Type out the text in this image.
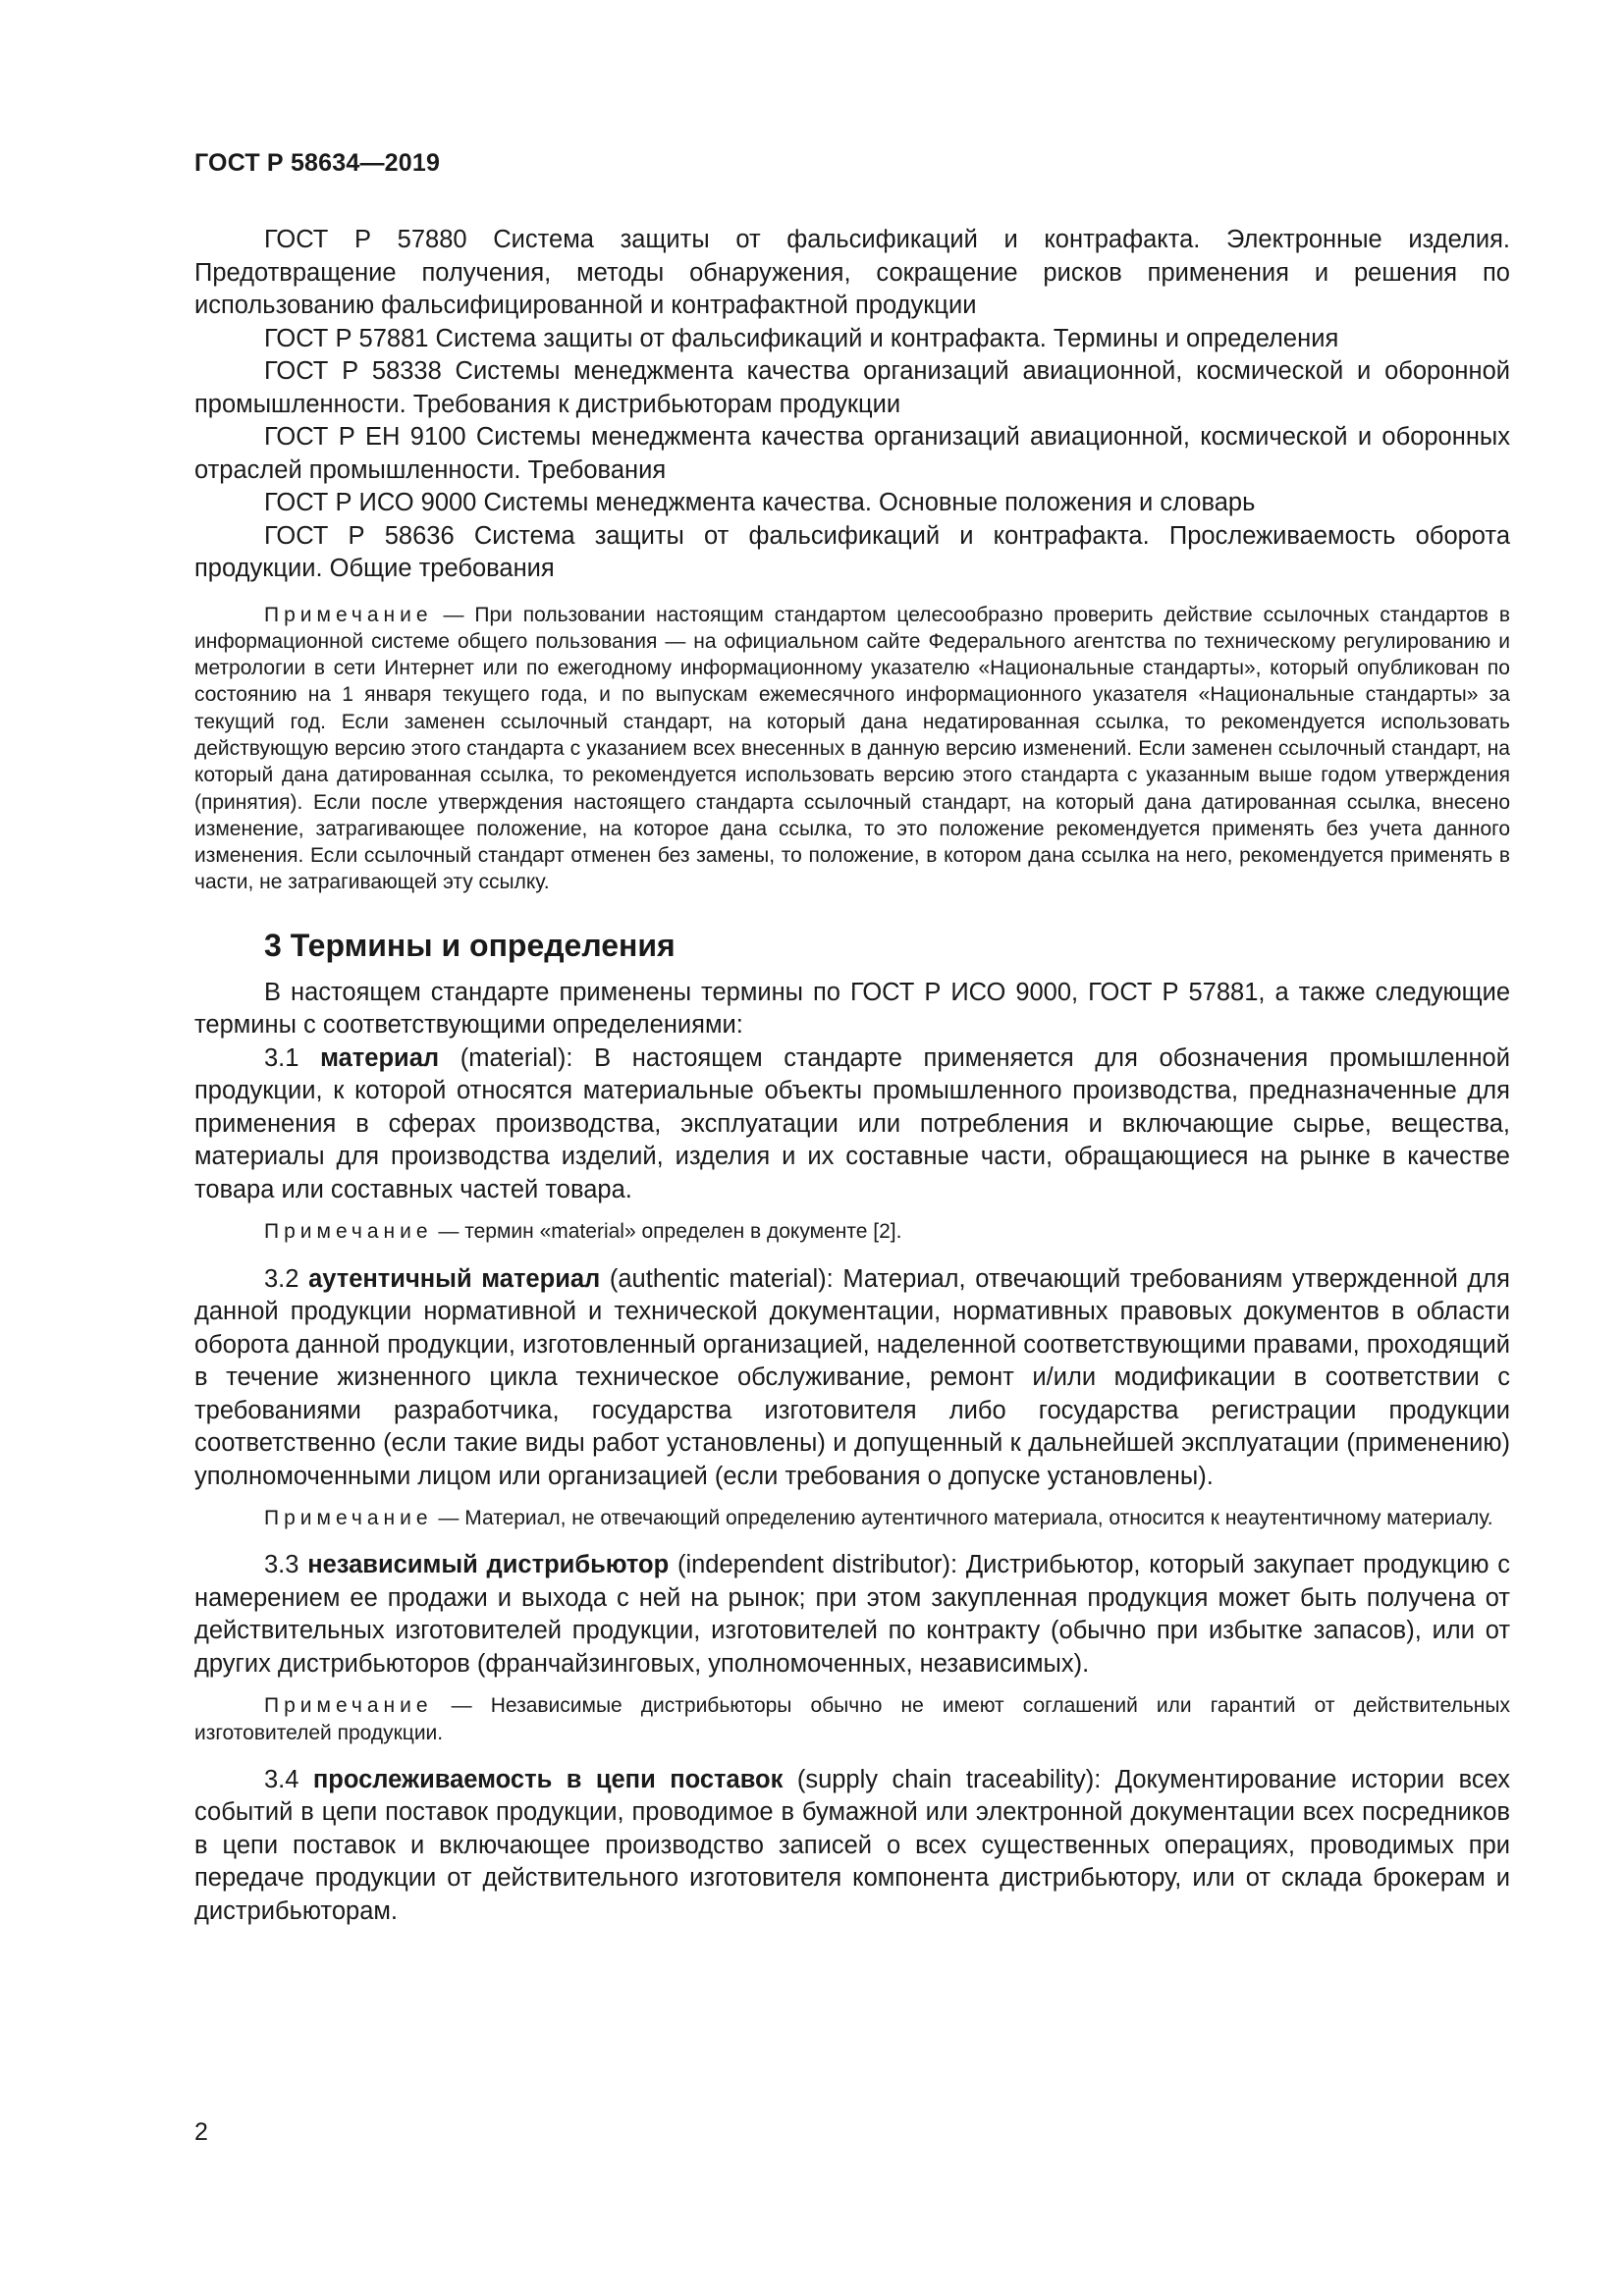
ГОСТ Р 58634—2019

ГОСТ Р 57880 Система защиты от фальсификаций и контрафакта. Электронные изделия. Предотвращение получения, методы обнаружения, сокращение рисков применения и решения по использованию фальсифицированной и контрафактной продукции

ГОСТ Р 57881 Система защиты от фальсификаций и контрафакта. Термины и определения

ГОСТ Р 58338 Системы менеджмента качества организаций авиационной, космической и оборонной промышленности. Требования к дистрибьюторам продукции

ГОСТ Р ЕН 9100 Системы менеджмента качества организаций авиационной, космической и оборонных отраслей промышленности. Требования

ГОСТ Р ИСО 9000 Системы менеджмента качества. Основные положения и словарь

ГОСТ Р 58636 Система защиты от фальсификаций и контрафакта. Прослеживаемость оборота продукции. Общие требования

Примечание — При пользовании настоящим стандартом целесообразно проверить действие ссылочных стандартов в информационной системе общего пользования — на официальном сайте Федерального агентства по техническому регулированию и метрологии в сети Интернет или по ежегодному информационному указателю «Национальные стандарты», который опубликован по состоянию на 1 января текущего года, и по выпускам ежемесячного информационного указателя «Национальные стандарты» за текущий год. Если заменен ссылочный стандарт, на который дана недатированная ссылка, то рекомендуется использовать действующую версию этого стандарта с указанием всех внесенных в данную версию изменений. Если заменен ссылочный стандарт, на который дана датированная ссылка, то рекомендуется использовать версию этого стандарта с указанным выше годом утверждения (принятия). Если после утверждения настоящего стандарта ссылочный стандарт, на который дана датированная ссылка, внесено изменение, затрагивающее положение, на которое дана ссылка, то это положение рекомендуется применять без учета данного изменения. Если ссылочный стандарт отменен без замены, то положение, в котором дана ссылка на него, рекомендуется применять в части, не затрагивающей эту ссылку.

3 Термины и определения

В настоящем стандарте применены термины по ГОСТ Р ИСО 9000, ГОСТ Р 57881, а также следующие термины с соответствующими определениями:

3.1 материал (material): В настоящем стандарте применяется для обозначения промышленной продукции, к которой относятся материальные объекты промышленного производства, предназначенные для применения в сферах производства, эксплуатации или потребления и включающие сырье, вещества, материалы для производства изделий, изделия и их составные части, обращающиеся на рынке в качестве товара или составных частей товара.

Примечание — термин «material» определен в документе [2].

3.2 аутентичный материал (authentic material): Материал, отвечающий требованиям утвержденной для данной продукции нормативной и технической документации, нормативных правовых документов в области оборота данной продукции, изготовленный организацией, наделенной соответствующими правами, проходящий в течение жизненного цикла техническое обслуживание, ремонт и/или модификации в соответствии с требованиями разработчика, государства изготовителя либо государства регистрации продукции соответственно (если такие виды работ установлены) и допущенный к дальнейшей эксплуатации (применению) уполномоченными лицом или организацией (если требования о допуске установлены).

Примечание — Материал, не отвечающий определению аутентичного материала, относится к неаутентичному материалу.

3.3 независимый дистрибьютор (independent distributor): Дистрибьютор, который закупает продукцию с намерением ее продажи и выхода с ней на рынок; при этом закупленная продукция может быть получена от действительных изготовителей продукции, изготовителей по контракту (обычно при избытке запасов), или от других дистрибьюторов (франчайзинговых, уполномоченных, независимых).

Примечание — Независимые дистрибьюторы обычно не имеют соглашений или гарантий от действительных изготовителей продукции.

3.4 прослеживаемость в цепи поставок (supply chain traceability): Документирование истории всех событий в цепи поставок продукции, проводимое в бумажной или электронной документации всех посредников в цепи поставок и включающее производство записей о всех существенных операциях, проводимых при передаче продукции от действительного изготовителя компонента дистрибьютору, или от склада брокерам и дистрибьюторам.

2
